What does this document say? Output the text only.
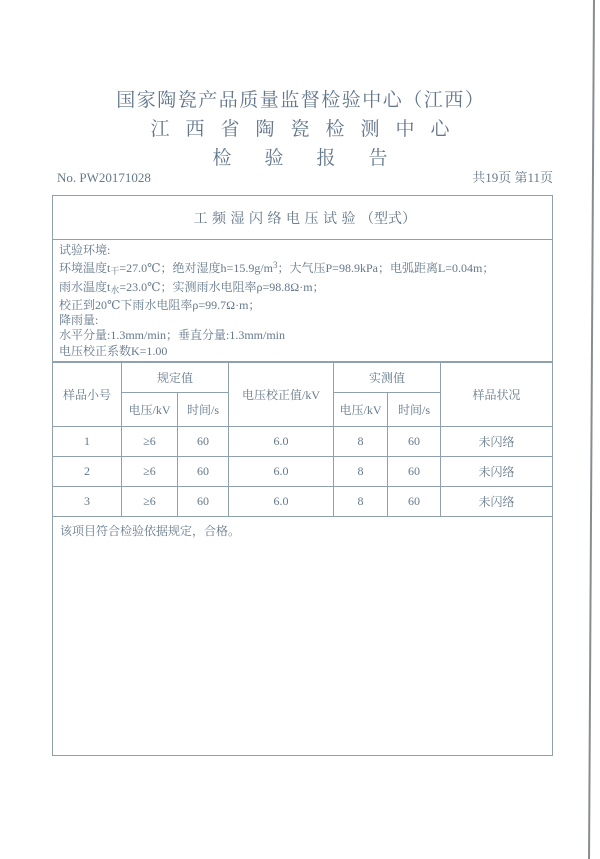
国家陶瓷产品质量监督检验中心（江西）
江西省陶瓷检测中心
检验报告
No. PW20171028	共19页 第11页
工频湿闪络电压试验 （型式）
试验环境:
环境温度$t_干=27.0℃$；绝对湿度$h=15.9g/m^3$；大气压P=98.9kPa；电弧距离L=0.04m；
雨水温度$t_水=23.0℃$；实测雨水电阻率ρ=98.8Ω·m；
校正到20℃下雨水电阻率ρ=99.7Ω·m；
降雨量:
水平分量:1.3mm/min；垂直分量:1.3mm/min
电压校正系数K=1.00
样品小号	规定值		电压校正值/kV	实测值		样品状况
	电压/kV	时间/s		电压/kV	时间/s	
1	≥6	60	6.0	8	60	未闪络
2	≥6	60	6.0	8	60	未闪络
3	≥6	60	6.0	8	60	未闪络
该项目符合检验依据规定，合格。
